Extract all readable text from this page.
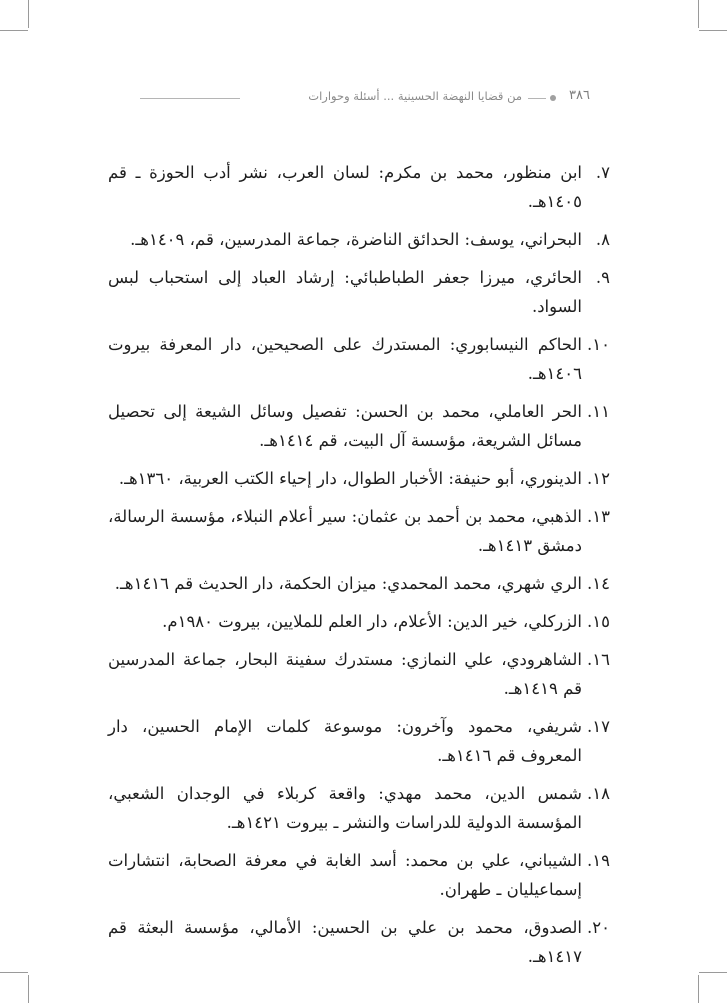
٣٨٦
من قضايا النهضة الحسينية ... أسئلة وحوارات
٧.
ابن منظور، محمد بن مكرم: لسان العرب، نشر أدب الحوزة ـ قم ١٤٠٥هـ.
٨.
البحراني، يوسف: الحدائق الناضرة، جماعة المدرسين، قم، ١٤٠٩هـ.
٩.
الحائري، ميرزا جعفر الطباطبائي: إرشاد العباد إلى استحباب لبس السواد.
١٠.
الحاكم النيسابوري: المستدرك على الصحيحين، دار المعرفة بيروت ١٤٠٦هـ.
١١.
الحر العاملي، محمد بن الحسن: تفصيل وسائل الشيعة إلى تحصيل مسائل الشريعة، مؤسسة آل البيت، قم ١٤١٤هـ.
١٢.
الدينوري، أبو حنيفة: الأخبار الطوال، دار إحياء الكتب العربية، ١٣٦٠هـ.
١٣.
الذهبي، محمد بن أحمد بن عثمان: سير أعلام النبلاء، مؤسسة الرسالة، دمشق ١٤١٣هـ.
١٤.
الري شهري، محمد المحمدي: ميزان الحكمة، دار الحديث قم ١٤١٦هـ.
١٥.
الزركلي، خير الدين: الأعلام، دار العلم للملايين، بيروت ١٩٨٠م.
١٦.
الشاهرودي، علي النمازي: مستدرك سفينة البحار، جماعة المدرسين قم ١٤١٩هـ.
١٧.
شريفي، محمود وآخرون: موسوعة كلمات الإمام الحسين، دار المعروف قم ١٤١٦هـ.
١٨.
شمس الدين، محمد مهدي: واقعة كربلاء في الوجدان الشعبي، المؤسسة الدولية للدراسات والنشر ـ بيروت ١٤٢١هـ.
١٩.
الشيباني، علي بن محمد: أسد الغابة في معرفة الصحابة، انتشارات إسماعيليان ـ طهران.
٢٠.
الصدوق، محمد بن علي بن الحسين: الأمالي، مؤسسة البعثة قم ١٤١٧هـ.
